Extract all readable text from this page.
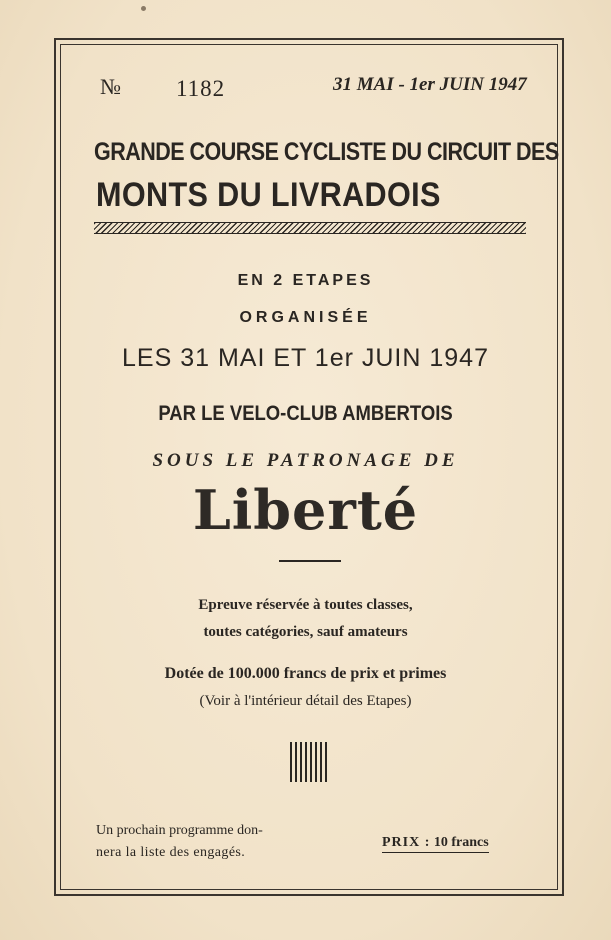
№ 1182	31 MAI - 1er JUIN 1947
GRANDE COURSE CYCLISTE DU CIRCUIT DES
MONTS DU LIVRADOIS
EN 2 ETAPES
ORGANISÉE
LES 31 MAI ET 1er JUIN 1947
PAR LE VELO-CLUB AMBERTOIS
SOUS LE PATRONAGE DE
Liberté
Epreuve réservée à toutes classes,
toutes catégories, sauf amateurs
Dotée de 100.000 francs de prix et primes
(Voir à l'intérieur détail des Etapes)
Un prochain programme don-
nera la liste des engagés.
PRIX : 10 francs
